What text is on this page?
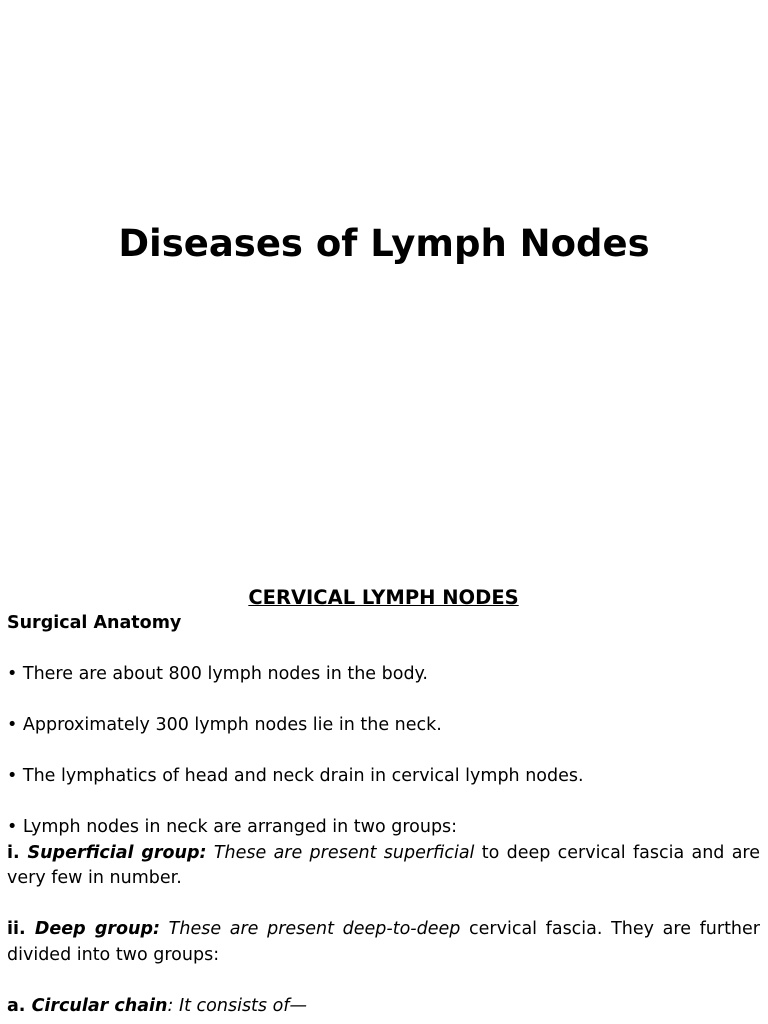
Diseases of Lymph Nodes

CERVICAL LYMPH NODES

Surgical Anatomy

• There are about 800 lymph nodes in the body.

• Approximately 300 lymph nodes lie in the neck.

• The lymphatics of head and neck drain in cervical lymph nodes.

• Lymph nodes in neck are arranged in two groups:

i. Superficial group: These are present superficial to deep cervical fascia and are very few in number.

ii. Deep group: These are present deep-to-deep cervical fascia. They are further divided into two groups:

a. Circular chain: It consists of—
